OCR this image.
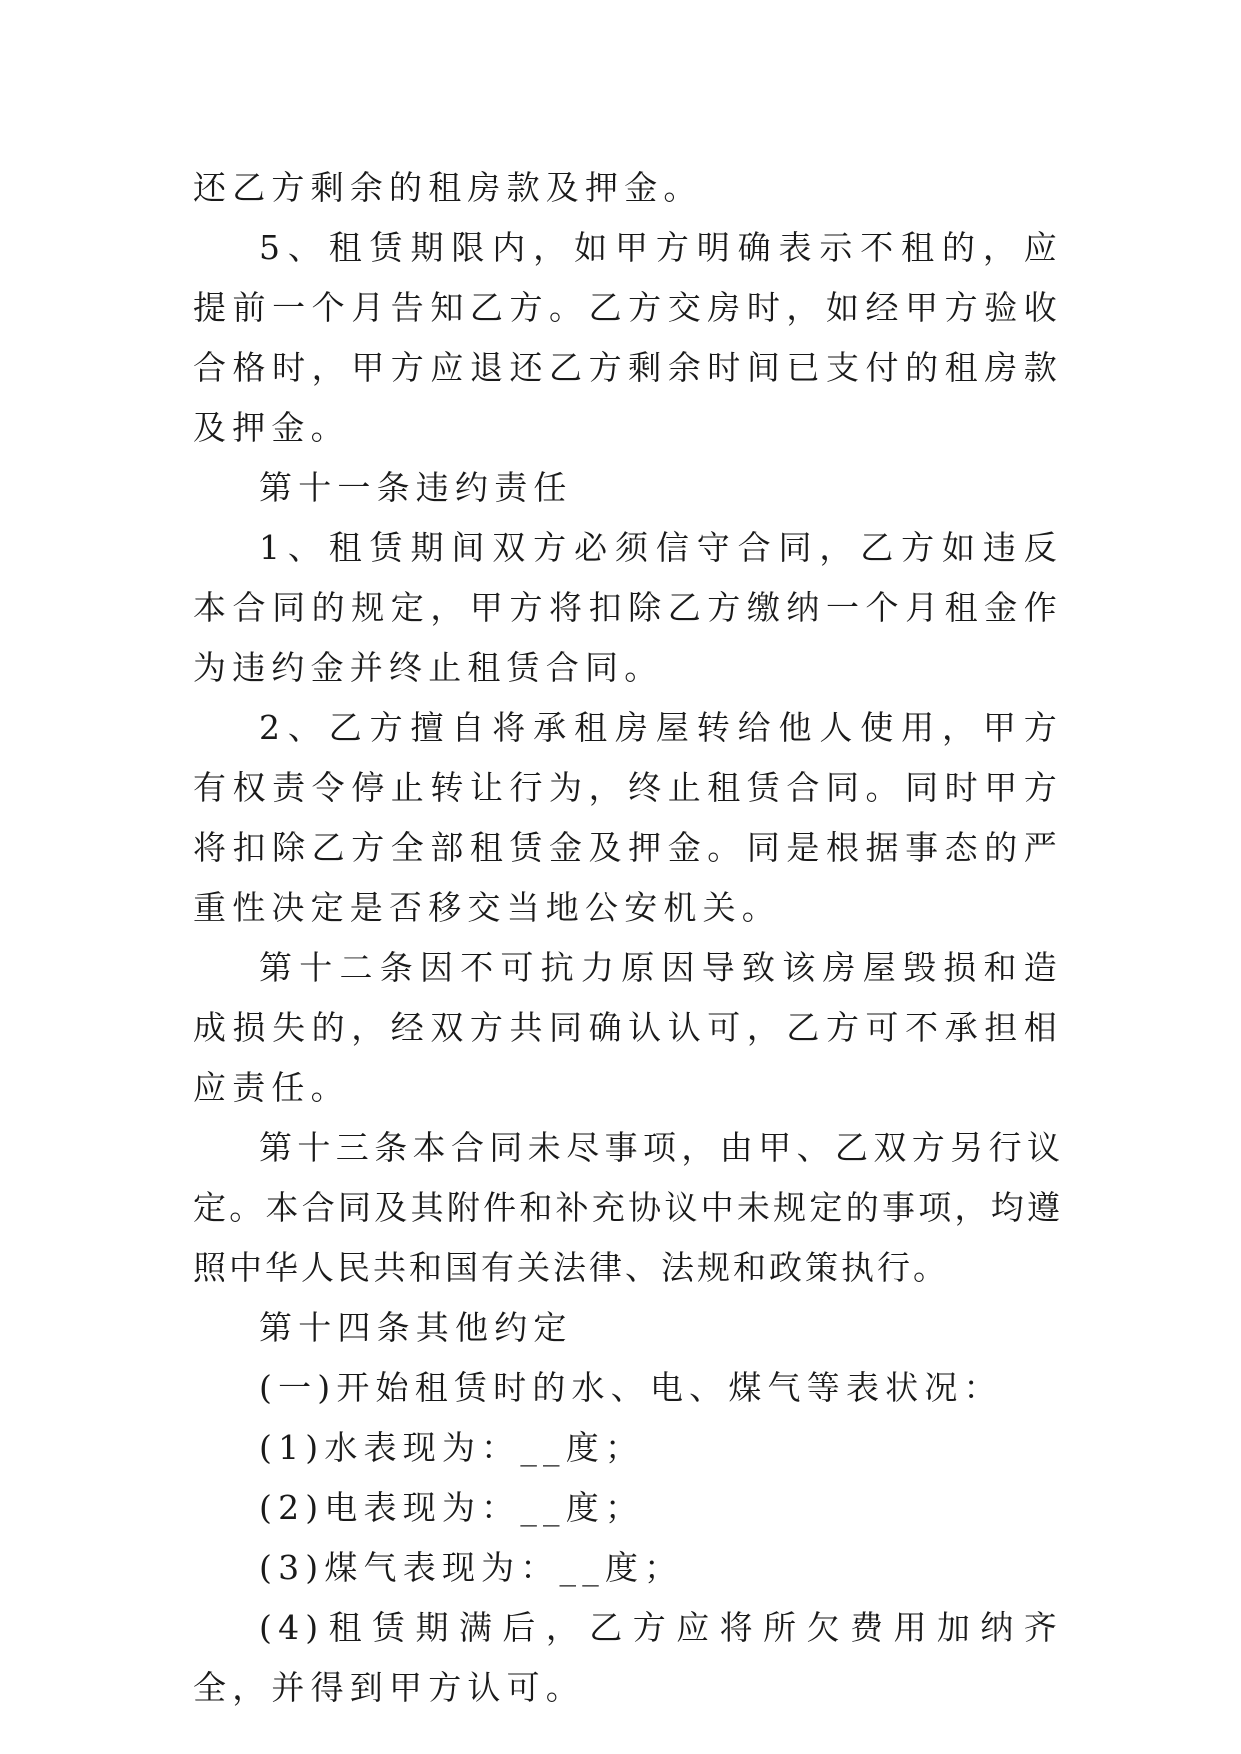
还乙方剩余的租房款及押金。

5、租赁期限内，如甲方明确表示不租的，应提前一个月告知乙方。乙方交房时，如经甲方验收合格时，甲方应退还乙方剩余时间已支付的租房款及押金。

第十一条违约责任

1、租赁期间双方必须信守合同，乙方如违反本合同的规定，甲方将扣除乙方缴纳一个月租金作为违约金并终止租赁合同。

2、乙方擅自将承租房屋转给他人使用，甲方有权责令停止转让行为，终止租赁合同。同时甲方将扣除乙方全部租赁金及押金。同是根据事态的严重性决定是否移交当地公安机关。

第十二条因不可抗力原因导致该房屋毁损和造成损失的，经双方共同确认认可，乙方可不承担相应责任。

第十三条本合同未尽事项，由甲、乙双方另行议定。本合同及其附件和补充协议中未规定的事项，均遵照中华人民共和国有关法律、法规和政策执行。

第十四条其他约定

(一)开始租赁时的水、电、煤气等表状况：

(1)水表现为：__度；

(2)电表现为：__度；

(3)煤气表现为：__度；

(4)租赁期满后，乙方应将所欠费用加纳齐全，并得到甲方认可。
